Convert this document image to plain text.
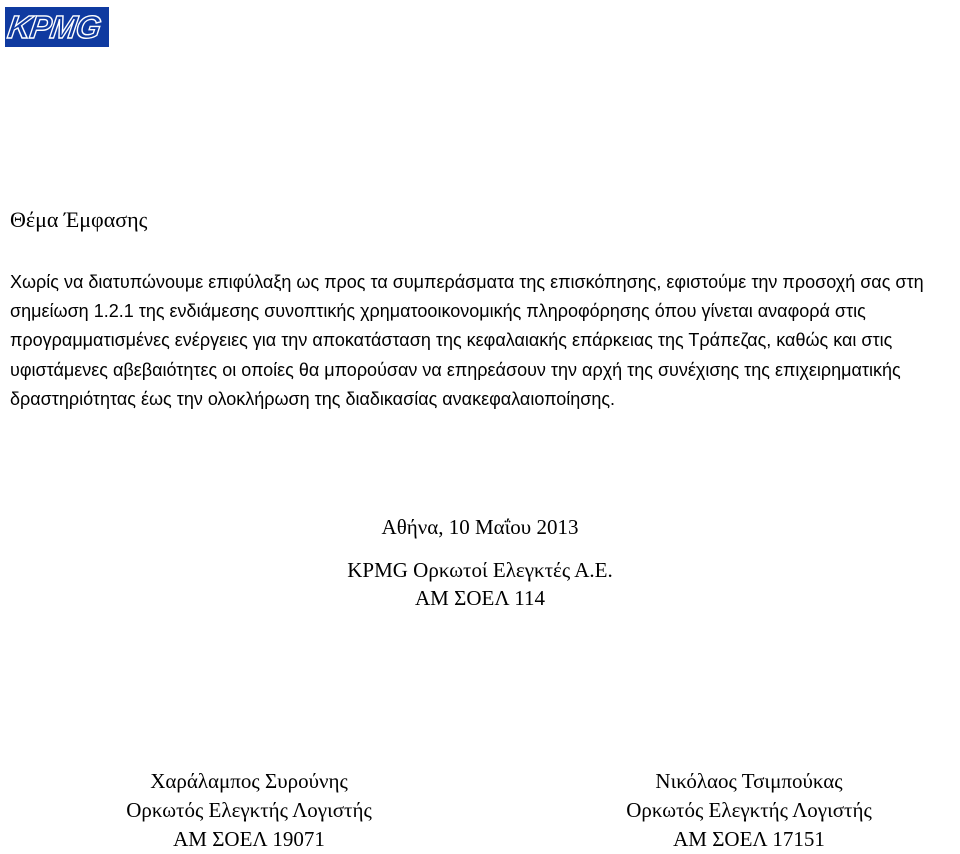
KPMG
Θέμα Έμφασης

Χωρίς να διατυπώνουμε επιφύλαξη ως προς τα συμπεράσματα της επισκόπησης, εφιστούμε την προσοχή σας στη σημείωση 1.2.1 της ενδιάμεσης συνοπτικής χρηματοοικονομικής πληροφόρησης όπου γίνεται αναφορά στις προγραμματισμένες ενέργειες για την αποκατάσταση της κεφαλαιακής επάρκειας της Τράπεζας, καθώς και στις υφιστάμενες αβεβαιότητες οι οποίες θα μπορούσαν να επηρεάσουν την αρχή της συνέχισης της επιχειρηματικής δραστηριότητας έως την ολοκλήρωση της διαδικασίας ανακεφαλαιοποίησης.

Αθήνα, 10 Μαΐου 2013
KPMG Ορκωτοί Ελεγκτές Α.Ε.
ΑΜ ΣΟΕΛ 114
Χαράλαμπος Συρούνης
Ορκωτός Ελεγκτής Λογιστής
ΑΜ ΣΟΕΛ 19071
Νικόλαος Τσιμπούκας
Ορκωτός Ελεγκτής Λογιστής
ΑΜ ΣΟΕΛ 17151
